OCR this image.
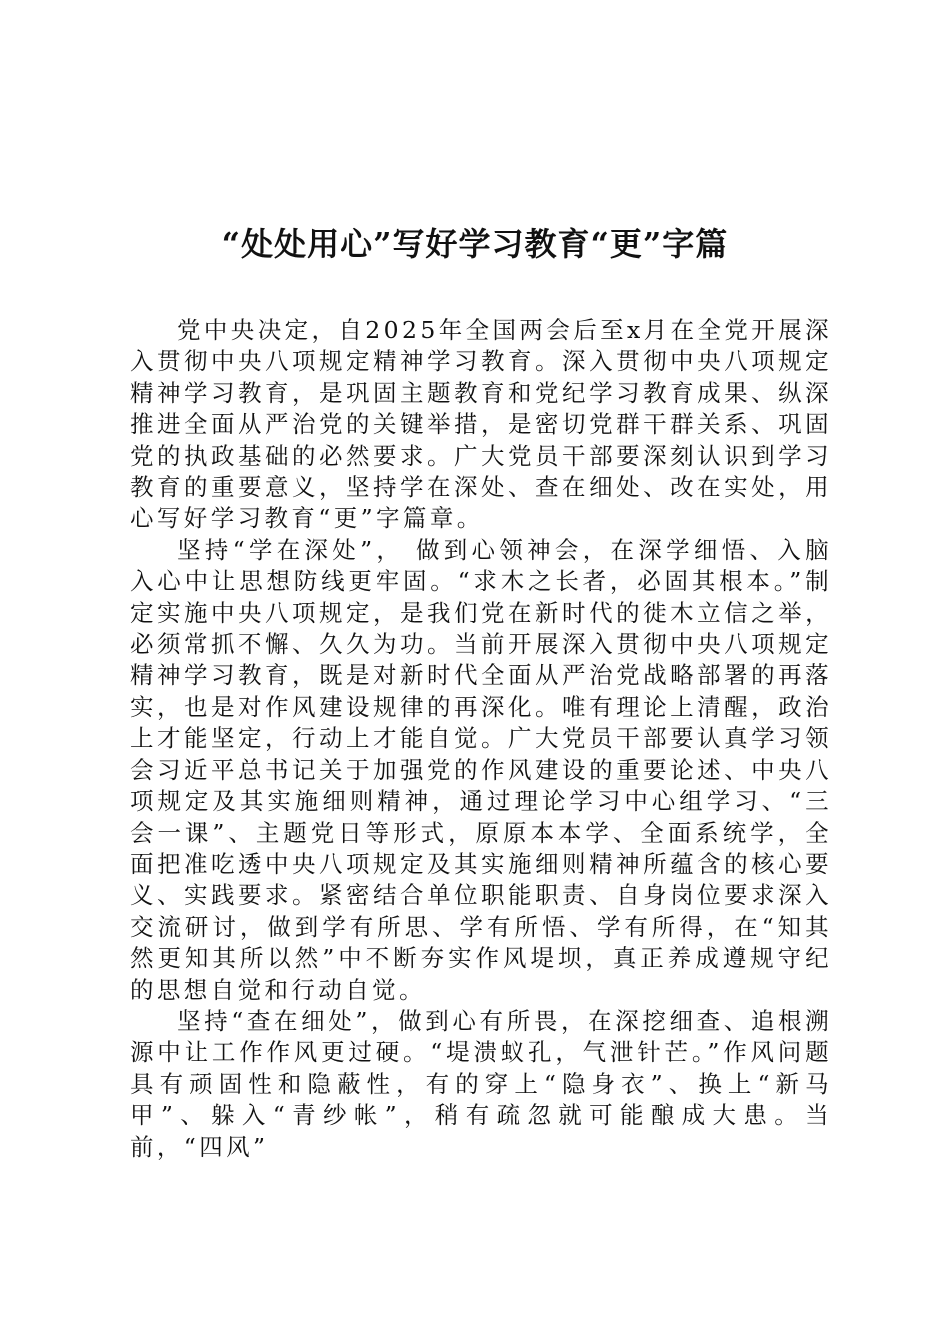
“处处用心”写好学习教育“更”字篇

党中央决定，自2025年全国两会后至x月在全党开展深入贯彻中央八项规定精神学习教育。深入贯彻中央八项规定精神学习教育，是巩固主题教育和党纪学习教育成果、纵深推进全面从严治党的关键举措，是密切党群干群关系、巩固党的执政基础的必然要求。广大党员干部要深刻认识到学习教育的重要意义，坚持学在深处、查在细处、改在实处，用心写好学习教育“更”字篇章。

坚持“学在深处”， 做到心领神会，在深学细悟、入脑入心中让思想防线更牢固。“求木之长者，必固其根本。”制定实施中央八项规定，是我们党在新时代的徙木立信之举，必须常抓不懈、久久为功。当前开展深入贯彻中央八项规定精神学习教育，既是对新时代全面从严治党战略部署的再落实，也是对作风建设规律的再深化。唯有理论上清醒，政治上才能坚定，行动上才能自觉。广大党员干部要认真学习领会习近平总书记关于加强党的作风建设的重要论述、中央八项规定及其实施细则精神，通过理论学习中心组学习、“三会一课”、主题党日等形式，原原本本学、全面系统学，全面把准吃透中央八项规定及其实施细则精神所蕴含的核心要义、实践要求。紧密结合单位职能职责、自身岗位要求深入交流研讨，做到学有所思、学有所悟、学有所得，在“知其然更知其所以然”中不断夯实作风堤坝，真正养成遵规守纪的思想自觉和行动自觉。

坚持“查在细处”，做到心有所畏，在深挖细查、追根溯源中让工作作风更过硬。“堤溃蚁孔，气泄针芒。”作风问题具有顽固性和隐蔽性，有的穿上“隐身衣”、换上“新马甲”、躲入“青纱帐”，稍有疏忽就可能酿成大患。当前，“四风”
